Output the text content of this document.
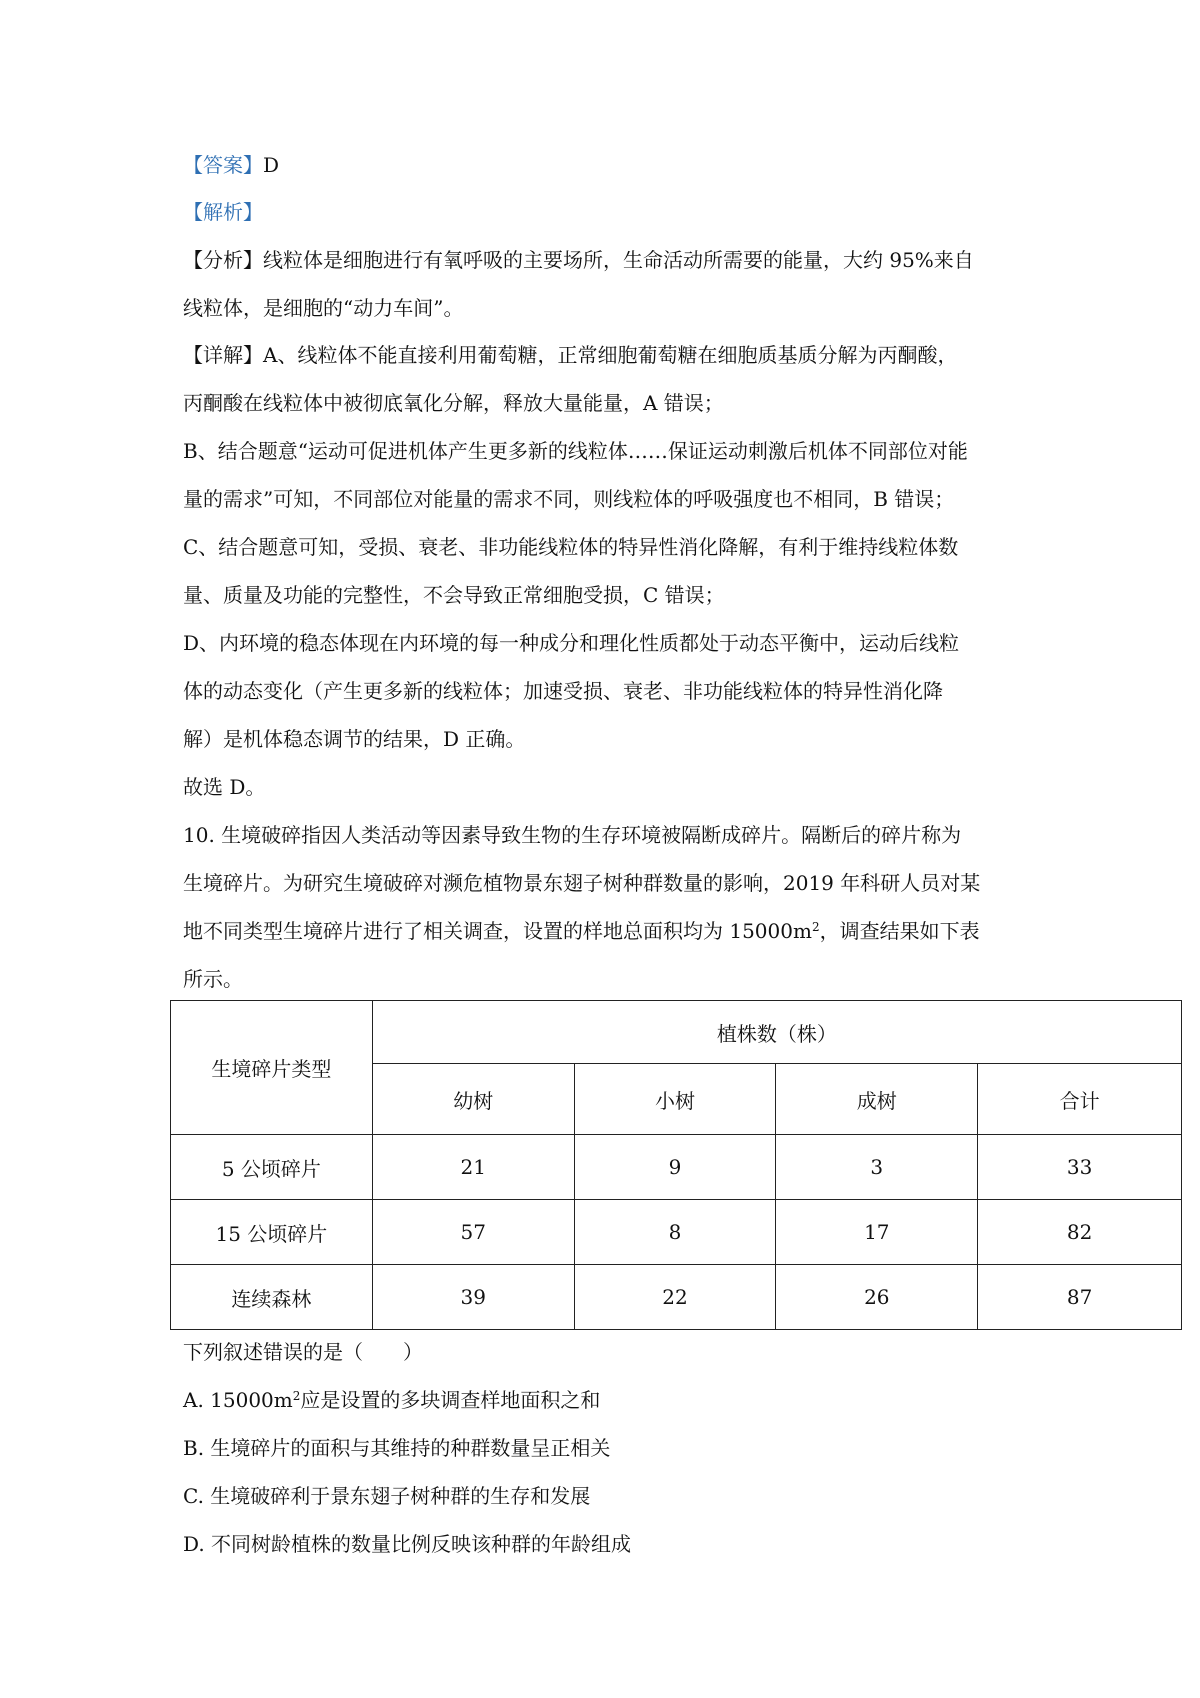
【答案】D
【解析】
【分析】线粒体是细胞进行有氧呼吸的主要场所，生命活动所需要的能量，大约 95%来自
线粒体，是细胞的“动力车间”。
【详解】A、线粒体不能直接利用葡萄糖，正常细胞葡萄糖在细胞质基质分解为丙酮酸，
丙酮酸在线粒体中被彻底氧化分解，释放大量能量，A 错误；
B、结合题意“运动可促进机体产生更多新的线粒体……保证运动刺激后机体不同部位对能
量的需求”可知，不同部位对能量的需求不同，则线粒体的呼吸强度也不相同，B 错误；
C、结合题意可知，受损、衰老、非功能线粒体的特异性消化降解，有利于维持线粒体数
量、质量及功能的完整性，不会导致正常细胞受损，C 错误；
D、内环境的稳态体现在内环境的每一种成分和理化性质都处于动态平衡中，运动后线粒
体的动态变化（产生更多新的线粒体；加速受损、衰老、非功能线粒体的特异性消化降
解）是机体稳态调节的结果，D 正确。
故选 D。
10. 生境破碎指因人类活动等因素导致生物的生存环境被隔断成碎片。隔断后的碎片称为
生境碎片。为研究生境破碎对濒危植物景东翅子树种群数量的影响，2019 年科研人员对某
地不同类型生境碎片进行了相关调查，设置的样地总面积均为 $15000m^2$，调查结果如下表
所示。
生境碎片类型	植株数（株）			
	幼树	小树	成树	合计
5 公顷碎片	21	9	3	33
15 公顷碎片	57	8	17	82
连续森林	39	22	26	87
下列叙述错误的是（　　）
A. $15000m^2$应是设置的多块调查样地面积之和
B. 生境碎片的面积与其维持的种群数量呈正相关
C. 生境破碎利于景东翅子树种群的生存和发展
D. 不同树龄植株的数量比例反映该种群的年龄组成
